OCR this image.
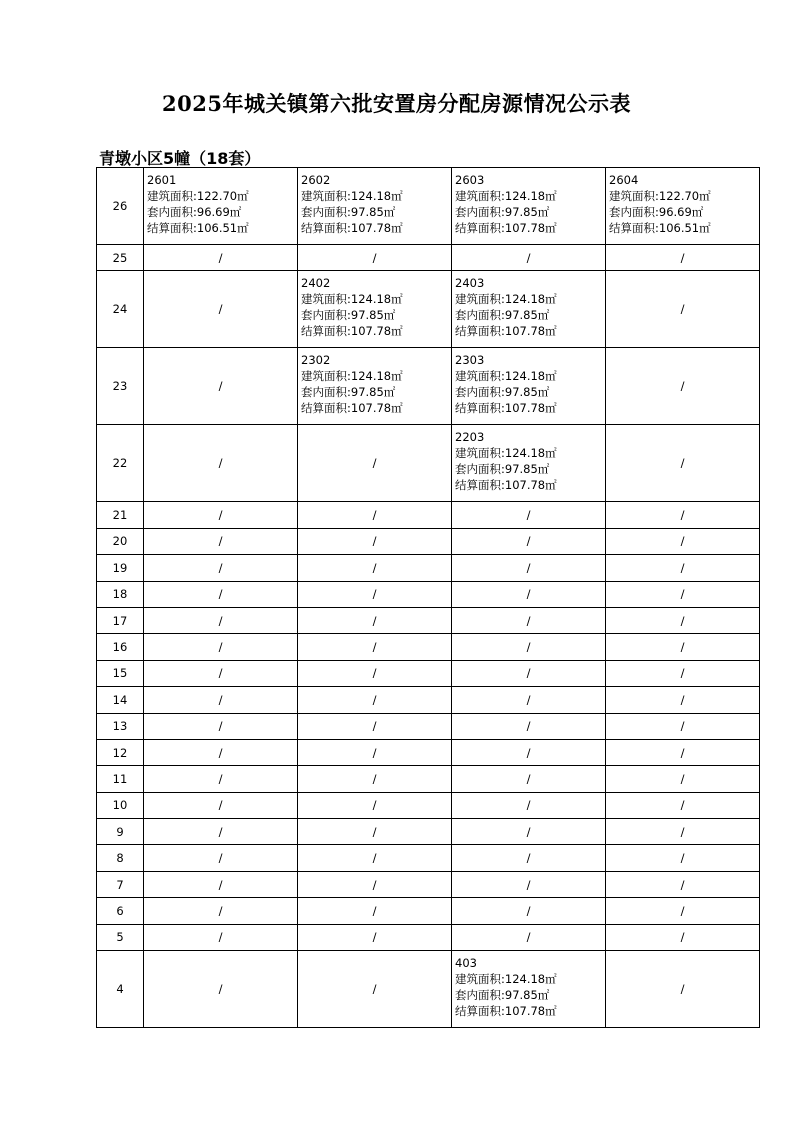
2025年城关镇第六批安置房分配房源情况公示表
青墩小区5幢（18套）
26	2601
建筑面积:122.70㎡
套内面积:96.69㎡
结算面积:106.51㎡	2602
建筑面积:124.18㎡
套内面积:97.85㎡
结算面积:107.78㎡	2603
建筑面积:124.18㎡
套内面积:97.85㎡
结算面积:107.78㎡	2604
建筑面积:122.70㎡
套内面积:96.69㎡
结算面积:106.51㎡

25	/	/	/	/
24	/	2402
建筑面积:124.18㎡
套内面积:97.85㎡
结算面积:107.78㎡	2403
建筑面积:124.18㎡
套内面积:97.85㎡
结算面积:107.78㎡	/
23	/	2302
建筑面积:124.18㎡
套内面积:97.85㎡
结算面积:107.78㎡	2303
建筑面积:124.18㎡
套内面积:97.85㎡
结算面积:107.78㎡	/
22	/	/	2203
建筑面积:124.18㎡
套内面积:97.85㎡
结算面积:107.78㎡	/
21	/	/	/	/
20	/	/	/	/
19	/	/	/	/
18	/	/	/	/
17	/	/	/	/
16	/	/	/	/
15	/	/	/	/
14	/	/	/	/
13	/	/	/	/
12	/	/	/	/
11	/	/	/	/
10	/	/	/	/
9	/	/	/	/
8	/	/	/	/
7	/	/	/	/
6	/	/	/	/
5	/	/	/	/
4	/	/	403
建筑面积:124.18㎡
套内面积:97.85㎡
结算面积:107.78㎡	/
